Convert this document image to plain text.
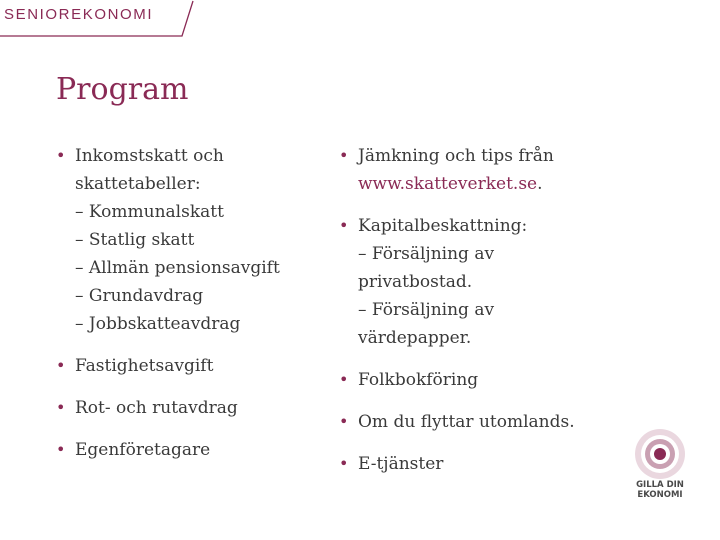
SENIOREKONOMI
Program
• Inkomstskatt och skattetabeller:
– Kommunalskatt
– Statlig skatt
– Allmän pensionsavgift
– Grundavdrag
– Jobbskatteavdrag
• Fastighetsavgift
• Rot- och rutavdrag
• Egenföretagare
• Jämkning och tips från
www.skatteverket.se.
• Kapitalbeskattning:
– Försäljning av privatbostad.
– Försäljning av värdepapper.
• Folkbokföring
• Om du flyttar utomlands.
• E-tjänster
GILLA DIN
EKONOMI
